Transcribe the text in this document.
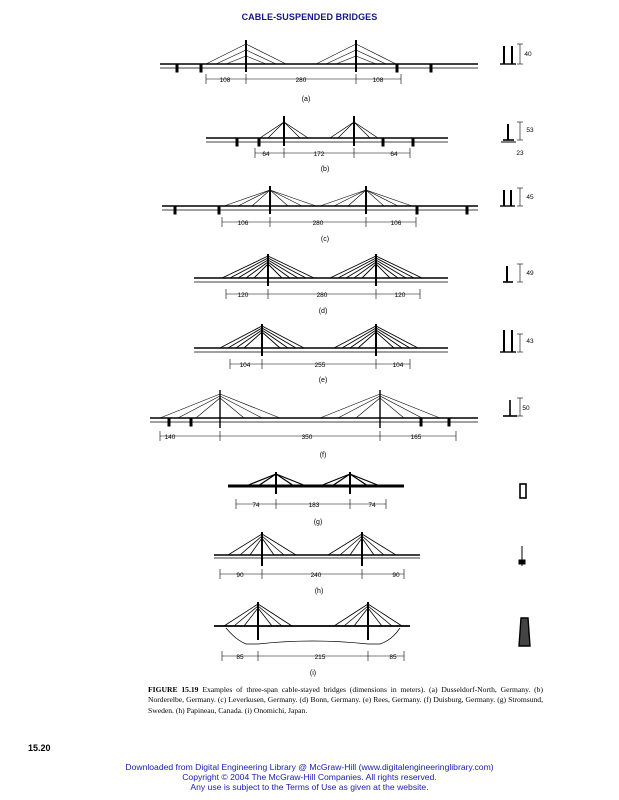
CABLE-SUSPENDED BRIDGES
108	280	108
(a)
40
64	172	64
(b)
53
23
106	280	106
(c)
45
120	280	120
(d)
49
104	255	104
(e)
43
140	350	165
(f)
50
74	183	74
(g)
90	240	90
(h)
85	215	85
(i)
FIGURE 15.19 Examples of three-span cable-stayed bridges (dimensions in meters). (a) Dusseldorf-North, Germany. (b) Norderelbe, Germany. (c) Leverkusen, Germany. (d) Bonn, Germany. (e) Rees, Germany. (f) Duisburg, Germany. (g) Stromsund, Sweden. (h) Papineau, Canada. (i) Onomichi, Japan.
15.20
Downloaded from Digital Engineering Library @ McGraw-Hill (www.digitalengineeringlibrary.com)
Copyright © 2004 The McGraw-Hill Companies. All rights reserved.
Any use is subject to the Terms of Use as given at the website.
